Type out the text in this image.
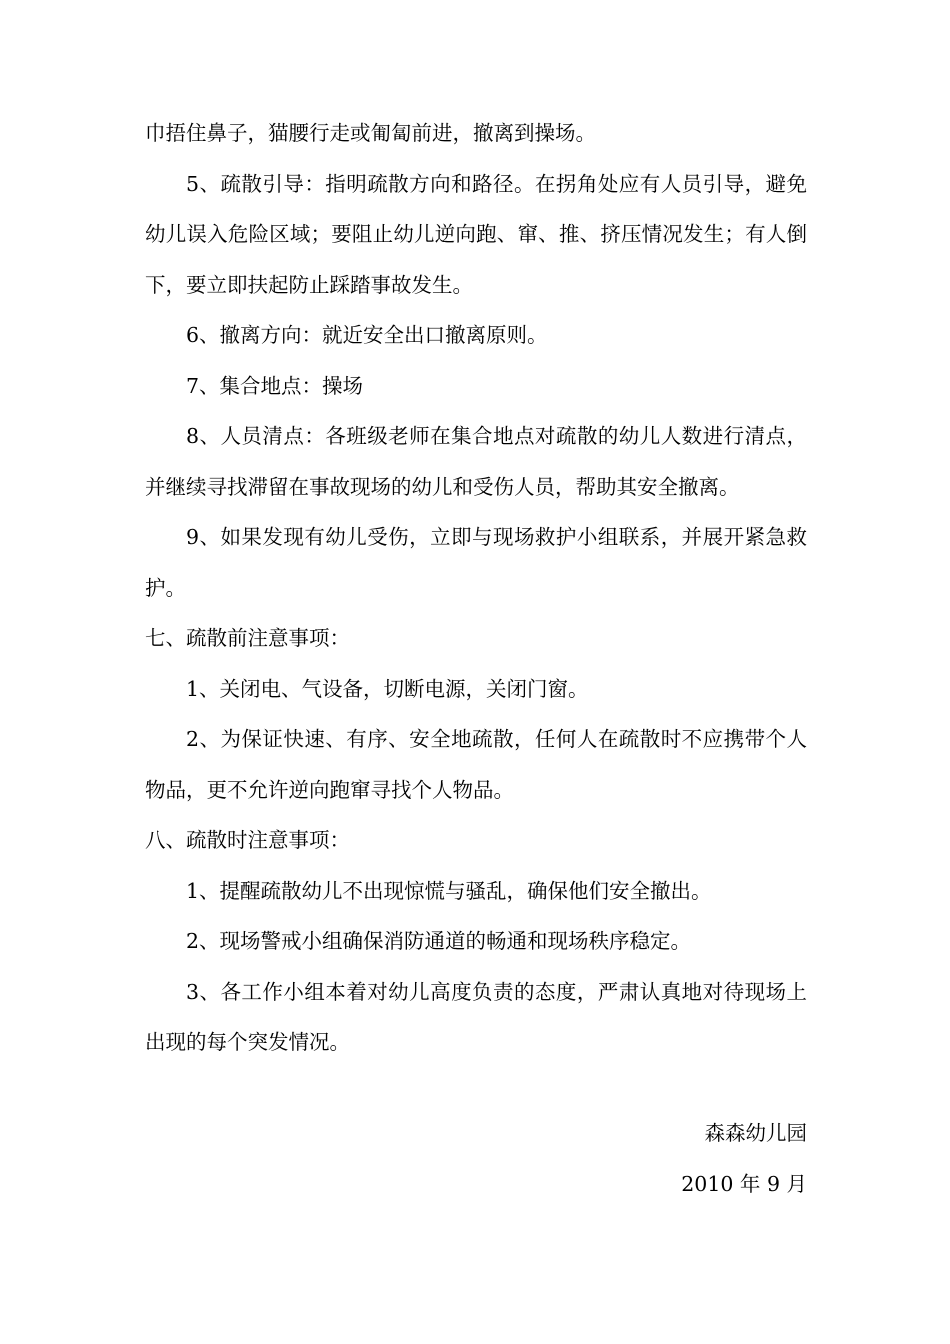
巾捂住鼻子，猫腰行走或匍匐前进，撤离到操场。

5、疏散引导：指明疏散方向和路径。在拐角处应有人员引导，避免幼儿误入危险区域；要阻止幼儿逆向跑、窜、推、挤压情况发生；有人倒下，要立即扶起防止踩踏事故发生。

6、撤离方向：就近安全出口撤离原则。

7、集合地点：操场

8、人员清点：各班级老师在集合地点对疏散的幼儿人数进行清点，并继续寻找滞留在事故现场的幼儿和受伤人员，帮助其安全撤离。

9、如果发现有幼儿受伤，立即与现场救护小组联系，并展开紧急救护。

七、疏散前注意事项：

1、关闭电、气设备，切断电源，关闭门窗。

2、为保证快速、有序、安全地疏散，任何人在疏散时不应携带个人物品，更不允许逆向跑窜寻找个人物品。

八、疏散时注意事项：

1、提醒疏散幼儿不出现惊慌与骚乱，确保他们安全撤出。

2、现场警戒小组确保消防通道的畅通和现场秩序稳定。

3、各工作小组本着对幼儿高度负责的态度，严肃认真地对待现场上出现的每个突发情况。

森森幼儿园

2010 年 9 月
